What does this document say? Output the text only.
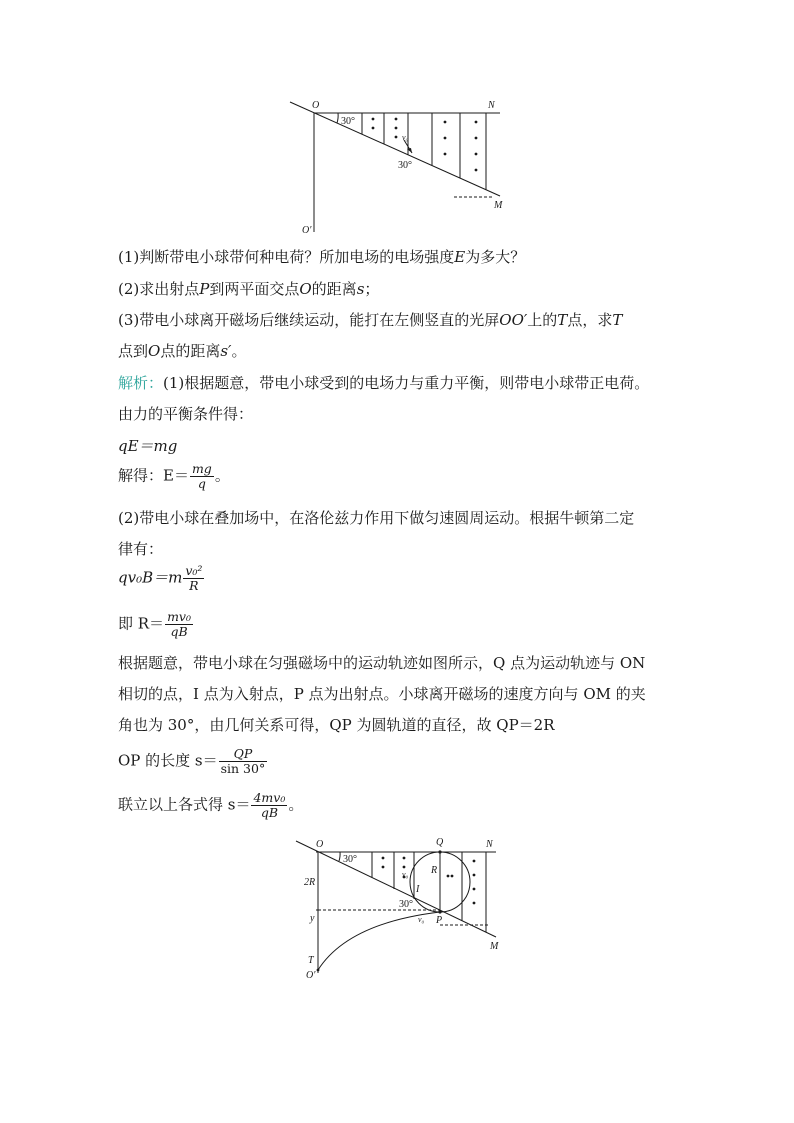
O	N
M
O′
30°
30°
v₀
(1)判断带电小球带何种电荷？所加电场的电场强度E为多大？
(2)求出射点P到两平面交点O的距离s；
(3)带电小球离开磁场后继续运动，能打在左侧竖直的光屏OO′上的T点，求T
点到O点的距离s′。
解析：(1)根据题意，带电小球受到的电场力与重力平衡，则带电小球带正电荷。
由力的平衡条件得：
qE＝mg
解得：$E= \frac{mg}{q}$ 。
(2)带电小球在叠加场中，在洛伦兹力作用下做匀速圆周运动。根据牛顿第二定
律有：
$qv_0B=m \frac{\text{v₀²}}{R}$
即 $R= \frac{\text{mv₀}}{qB}$
根据题意，带电小球在匀强磁场中的运动轨迹如图所示，Q 点为运动轨迹与 ON
相切的点，I 点为入射点，P 点为出射点。小球离开磁场的速度方向与 OM 的夹
角也为 30°，由几何关系可得，QP 为圆轨道的直径，故 QP＝2R
OP 的长度 $s= \frac{QP}{\sin 30^\circ}$
联立以上各式得 $s= \frac{\text{4mv₀}}{qB}$ 。
O	Q	N
R
2R
y
I
v₀
v₀
30°
30°
P
M
T
O′
